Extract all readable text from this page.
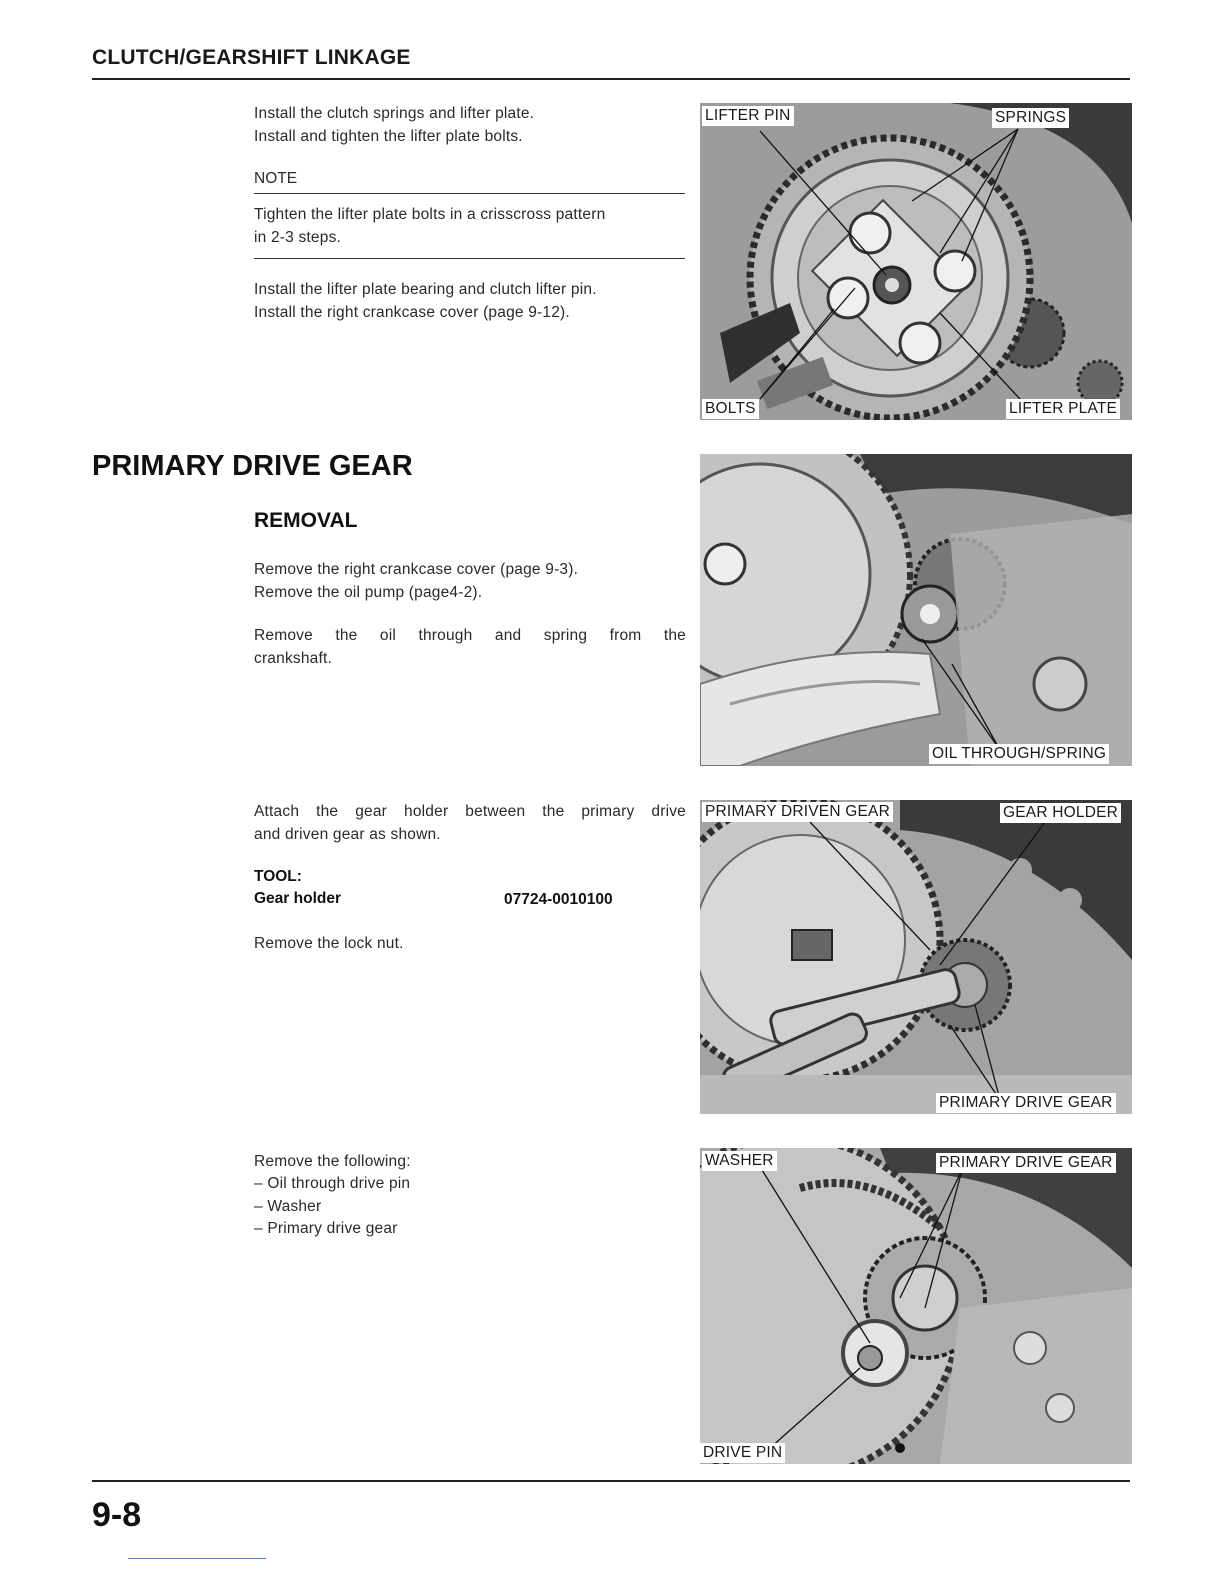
CLUTCH/GEARSHIFT LINKAGE
Install the clutch springs and lifter plate.
Install and tighten the lifter plate bolts.
NOTE
Tighten the lifter plate bolts in a crisscross pattern
in 2-3 steps.
Install the lifter plate bearing and clutch lifter pin.
Install the right crankcase cover (page 9-12).
LIFTER PIN	SPRINGS
BOLTS	LIFTER PLATE
PRIMARY DRIVE GEAR
REMOVAL
Remove the right crankcase cover (page 9-3).
Remove the oil pump (page4-2).
Remove the oil through and spring from the
crankshaft.
OIL THROUGH/SPRING
Attach the gear holder between the primary drive
and driven gear as shown.
TOOL:
Gear holder	07724-0010100
Remove the lock nut.
PRIMARY DRIVEN GEAR	GEAR HOLDER
PRIMARY DRIVE GEAR
Remove the following:
– Oil through drive pin
– Washer
– Primary drive gear
WASHER	PRIMARY DRIVE GEAR
DRIVE PIN
9-8
